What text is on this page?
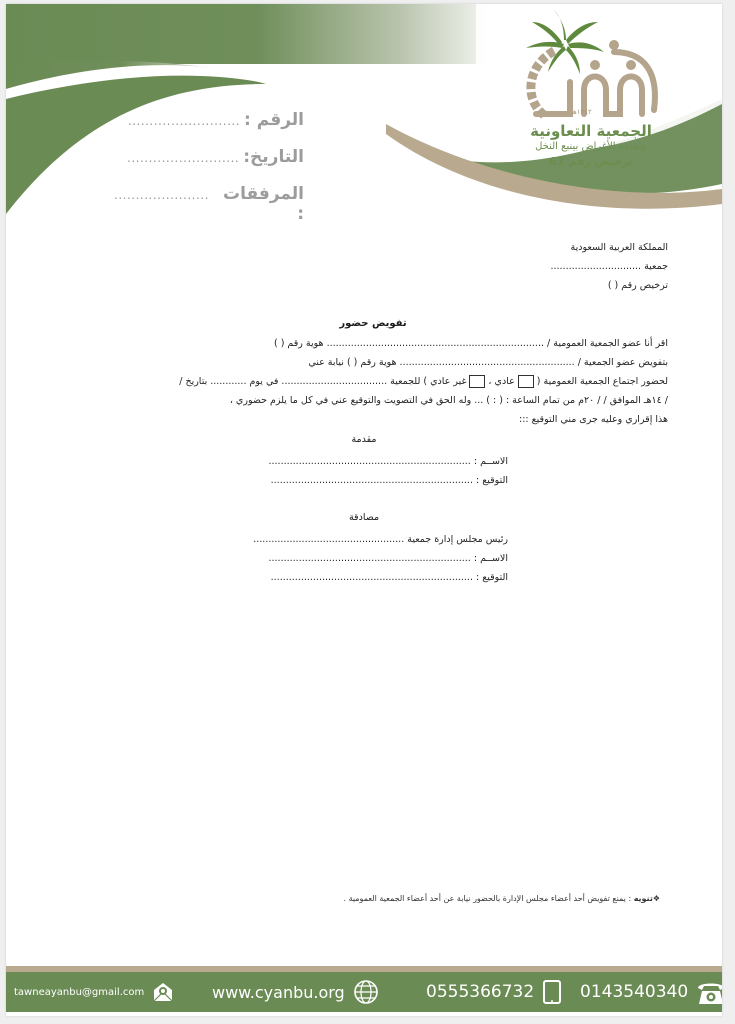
١٣٤٢هـ
الجمعية التعاونية
متعددة الأغراض بينبع النخل
ترخيص رقم 67
الرقم :
..........................
التاريخ:
..........................
المرفقات :
......................
المملكة العربية السعودية
جمعية ..............................
ترخيص رقم ( )
تفويض حضور
اقر أنا عضو الجمعية العمومية / ........................................................................ هوية رقم ( )
بتفويض عضو الجمعية / .......................................................... هوية رقم ( ) نيابة عني
لحضور اجتماع الجمعية العمومية (عادي ،غير عادي ) للجمعية ................................... في يوم ............ بتاريخ /
/ ١٤هـ الموافق / / ٢٠م من تمام الساعة : ( : ) ... وله الحق في التصويت والتوقيع عني في كل ما يلزم حضوري ،
هذا إقراري وعليه جرى مني التوقيع :::
مقدمة
الاســم : ...................................................................
التوقيع : ...................................................................
مصادقة
رئيس مجلس إدارة جمعية ..................................................
الاســم : ...................................................................
التوقيع : ...................................................................
❖تنويه : يمنع تفويض أحد أعضاء مجلس الإدارة بالحضور نيابة عن أحد أعضاء الجمعية العمومية .
tawneayanbu@gmail.com	www.cyanbu.org	0555366732	0143540340
